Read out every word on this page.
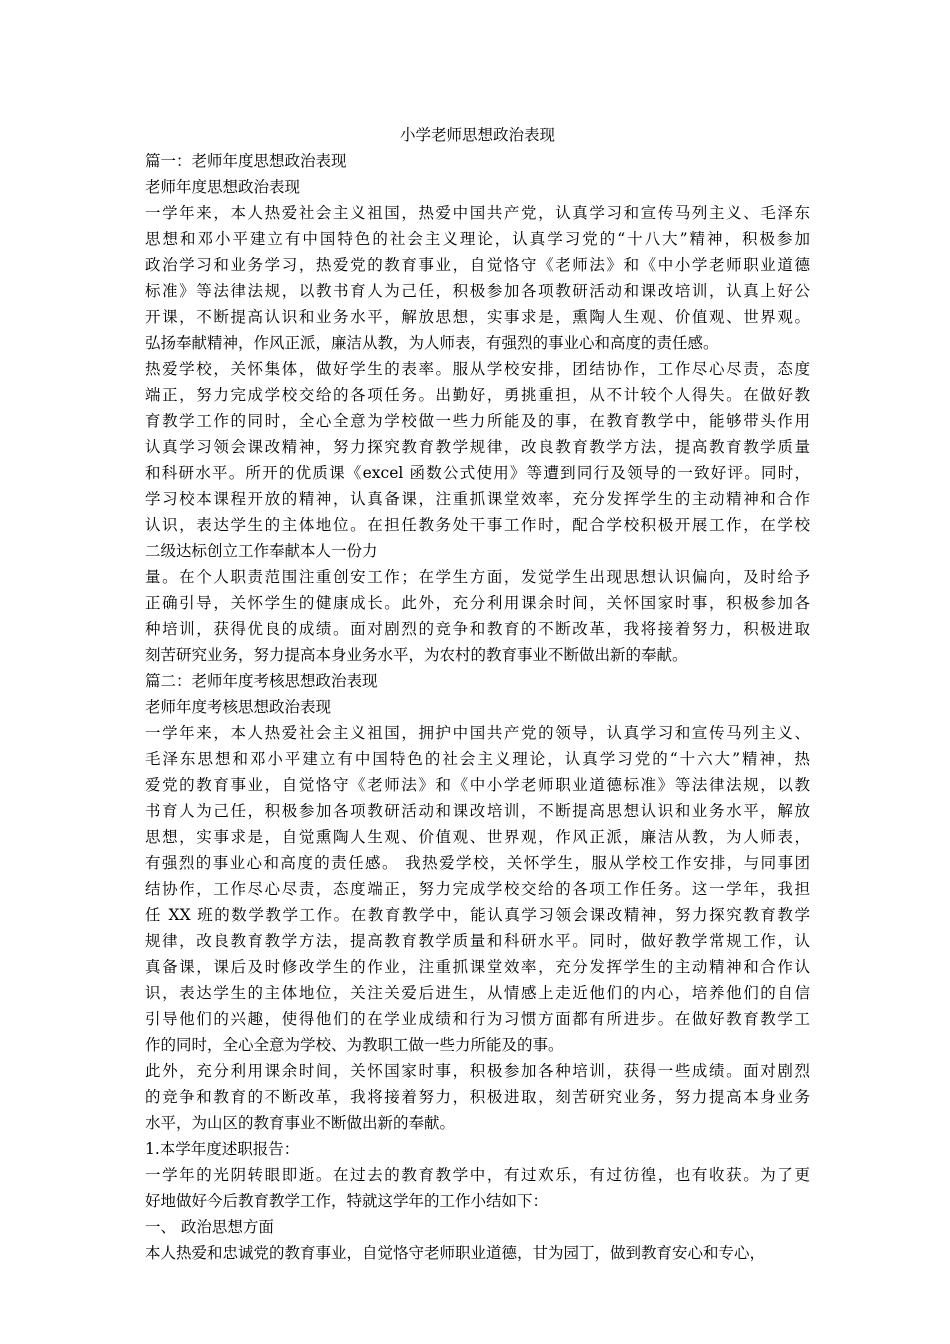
小学老师思想政治表现
篇一：老师年度思想政治表现
老师年度思想政治表现
一学年来，本人热爱社会主义祖国，热爱中国共产党，认真学习和宣传马列主义、毛泽东
思想和邓小平建立有中国特色的社会主义理论，认真学习党的“十八大”精神，积极参加
政治学习和业务学习，热爱党的教育事业，自觉恪守《老师法》和《中小学老师职业道德
标准》等法律法规，以教书育人为己任，积极参加各项教研活动和课改培训，认真上好公
开课，不断提高认识和业务水平，解放思想，实事求是，熏陶人生观、价值观、世界观。
弘扬奉献精神，作风正派，廉洁从教，为人师表，有强烈的事业心和高度的责任感。
热爱学校，关怀集体，做好学生的表率。服从学校安排，团结协作，工作尽心尽责，态度
端正，努力完成学校交给的各项任务。出勤好，勇挑重担，从不计较个人得失。在做好教
育教学工作的同时，全心全意为学校做一些力所能及的事，在教育教学中，能够带头作用
认真学习领会课改精神，努力探究教育教学规律，改良教育教学方法，提高教育教学质量
和科研水平。所开的优质课《excel 函数公式使用》等遭到同行及领导的一致好评。同时，
学习校本课程开放的精神，认真备课，注重抓课堂效率，充分发挥学生的主动精神和合作
认识，表达学生的主体地位。在担任教务处干事工作时，配合学校积极开展工作，在学校
二级达标创立工作奉献本人一份力
量。在个人职责范围注重创安工作；在学生方面，发觉学生出现思想认识偏向，及时给予
正确引导，关怀学生的健康成长。此外，充分利用课余时间，关怀国家时事，积极参加各
种培训，获得优良的成绩。面对剧烈的竞争和教育的不断改革，我将接着努力，积极进取
刻苦研究业务，努力提高本身业务水平，为农村的教育事业不断做出新的奉献。
篇二：老师年度考核思想政治表现
老师年度考核思想政治表现
一学年来，本人热爱社会主义祖国，拥护中国共产党的领导，认真学习和宣传马列主义、
毛泽东思想和邓小平建立有中国特色的社会主义理论，认真学习党的“十六大”精神，热
爱党的教育事业，自觉恪守《老师法》和《中小学老师职业道德标准》等法律法规，以教
书育人为己任，积极参加各项教研活动和课改培训，不断提高思想认识和业务水平，解放
思想，实事求是，自觉熏陶人生观、价值观、世界观，作风正派，廉洁从教，为人师表，
有强烈的事业心和高度的责任感。 我热爱学校，关怀学生，服从学校工作安排，与同事团
结协作，工作尽心尽责，态度端正，努力完成学校交给的各项工作任务。这一学年，我担
任 XX 班的数学教学工作。在教育教学中，能认真学习领会课改精神，努力探究教育教学
规律，改良教育教学方法，提高教育教学质量和科研水平。同时，做好教学常规工作，认
真备课，课后及时修改学生的作业，注重抓课堂效率，充分发挥学生的主动精神和合作认
识，表达学生的主体地位，关注关爱后进生，从情感上走近他们的内心，培养他们的自信
引导他们的兴趣，使得他们的在学业成绩和行为习惯方面都有所进步。在做好教育教学工
作的同时，全心全意为学校、为教职工做一些力所能及的事。
此外，充分利用课余时间，关怀国家时事，积极参加各种培训，获得一些成绩。面对剧烈
的竞争和教育的不断改革，我将接着努力，积极进取，刻苦研究业务，努力提高本身业务
水平，为山区的教育事业不断做出新的奉献。
1.本学年度述职报告：
一学年的光阴转眼即逝。在过去的教育教学中，有过欢乐，有过彷徨，也有收获。为了更
好地做好今后教育教学工作，特就这学年的工作小结如下：
一、 政治思想方面
本人热爱和忠诚党的教育事业，自觉恪守老师职业道德，甘为园丁，做到教育安心和专心，
